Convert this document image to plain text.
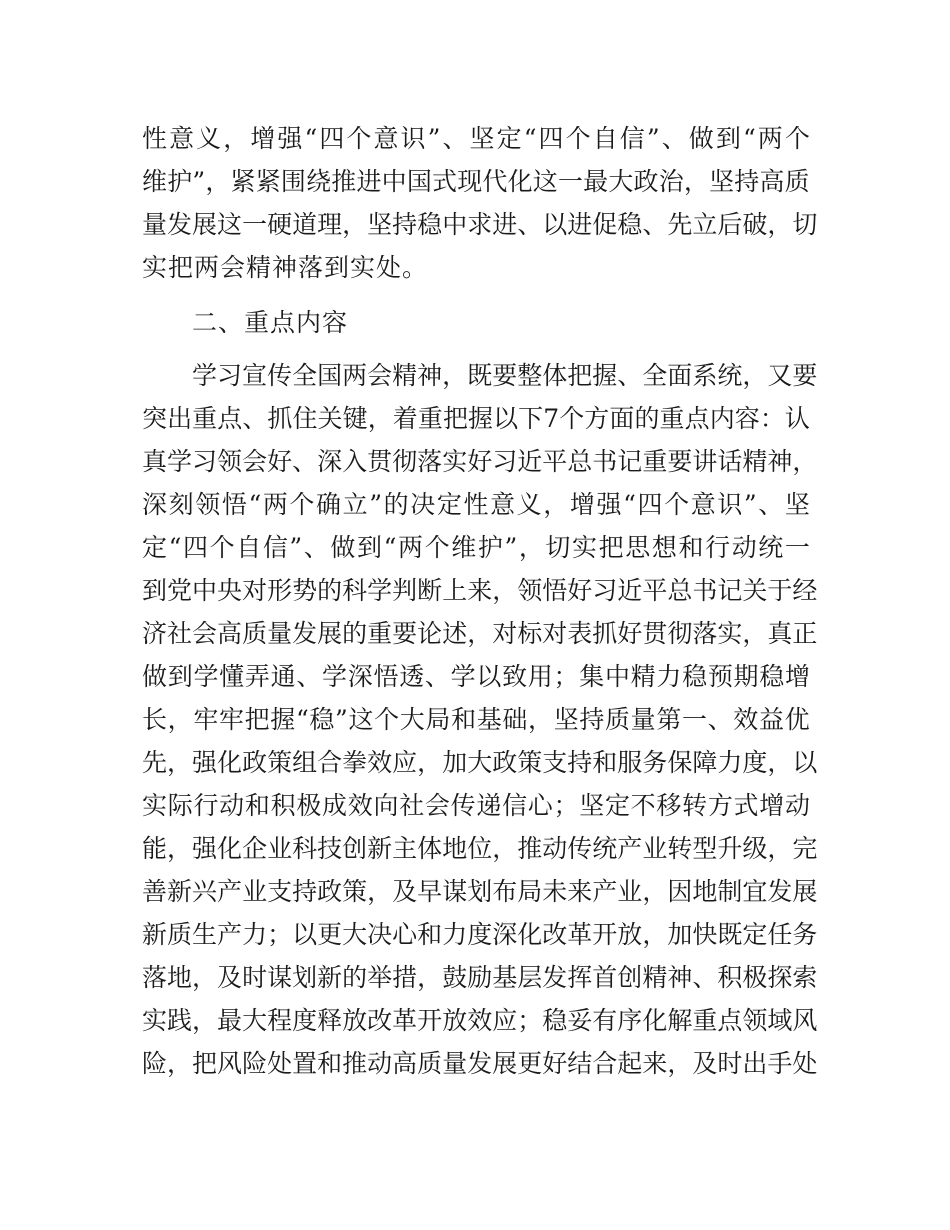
性 意 义 ， 增 强 “ 四 个 意 识 ” 、 坚 定 “ 四 个 自 信 ” 、 做 到 “ 两 个
维 护 ” ， 紧 紧 围 绕 推 进 中 国 式 现 代 化 这 一 最 大 政 治 ， 坚 持 高 质
量 发 展 这 一 硬 道 理 ， 坚 持 稳 中 求 进 、 以 进 促 稳 、 先 立 后 破 ， 切
实把两会精神落到实处。
二、重点内容
学 习 宣 传 全 国 两 会 精 神 ， 既 要 整 体 把 握 、 全 面 系 统 ， 又 要
突 出 重 点 、 抓 住 关 键 ， 着 重 把 握 以 下 7 个 方 面 的 重 点 内 容 ： 认
真 学 习 领 会 好 、 深 入 贯 彻 落 实 好 习 近 平 总 书 记 重 要 讲 话 精 神 ，
深 刻 领 悟 “ 两 个 确 立 ” 的 决 定 性 意 义 ， 增 强 “ 四 个 意 识 ” 、 坚
定 “ 四 个 自 信 ” 、 做 到 “ 两 个 维 护 ” ， 切 实 把 思 想 和 行 动 统 一
到 党 中 央 对 形 势 的 科 学 判 断 上 来 ， 领 悟 好 习 近 平 总 书 记 关 于 经
济 社 会 高 质 量 发 展 的 重 要 论 述 ， 对 标 对 表 抓 好 贯 彻 落 实 ， 真 正
做 到 学 懂 弄 通 、 学 深 悟 透 、 学 以 致 用 ； 集 中 精 力 稳 预 期 稳 增
长 ， 牢 牢 把 握 “ 稳 ” 这 个 大 局 和 基 础 ， 坚 持 质 量 第 一 、 效 益 优
先 ， 强 化 政 策 组 合 拳 效 应 ， 加 大 政 策 支 持 和 服 务 保 障 力 度 ， 以
实 际 行 动 和 积 极 成 效 向 社 会 传 递 信 心 ； 坚 定 不 移 转 方 式 增 动
能 ， 强 化 企 业 科 技 创 新 主 体 地 位 ， 推 动 传 统 产 业 转 型 升 级 ， 完
善 新 兴 产 业 支 持 政 策 ， 及 早 谋 划 布 局 未 来 产 业 ， 因 地 制 宜 发 展
新 质 生 产 力 ； 以 更 大 决 心 和 力 度 深 化 改 革 开 放 ， 加 快 既 定 任 务
落 地 ， 及 时 谋 划 新 的 举 措 ， 鼓 励 基 层 发 挥 首 创 精 神 、 积 极 探 索
实 践 ， 最 大 程 度 释 放 改 革 开 放 效 应 ； 稳 妥 有 序 化 解 重 点 领 域 风
险 ， 把 风 险 处 置 和 推 动 高 质 量 发 展 更 好 结 合 起 来 ， 及 时 出 手 处
